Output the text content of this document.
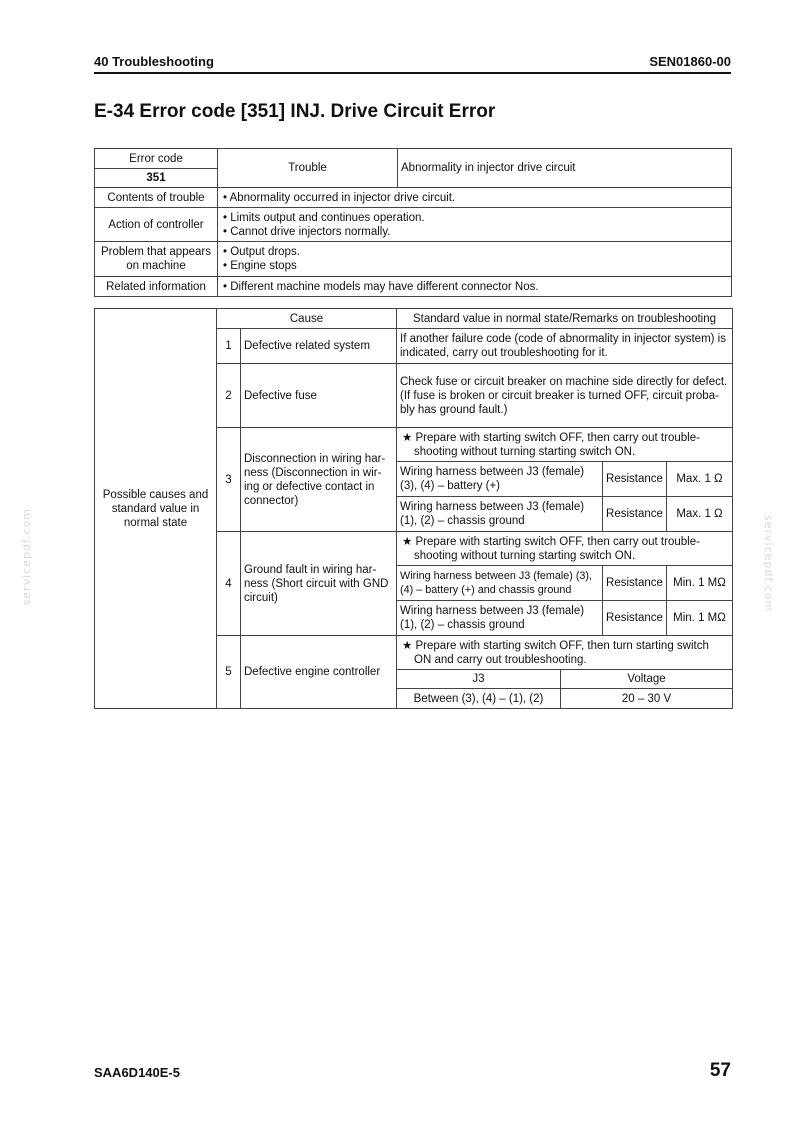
40 Troubleshooting	SEN01860-00
E-34 Error code [351] INJ. Drive Circuit Error
Error code	Trouble	Abnormality in injector drive circuit
351		
Contents of trouble	• Abnormality occurred in injector drive circuit.	

Action of controller	• Limits output and continues operation.
• Cannot drive injectors normally.	

Problem that appears on machine	• Output drops.
• Engine stops	

Related information	• Different machine models may have different connector Nos.	
Possible causes and standard value in normal state	Cause		Standard value in normal state/Remarks on troubleshooting			
	1	Defective related system	If another failure code (code of abnormality in injector system) is indicated, carry out troubleshooting for it.			
	2	Defective fuse	Check fuse or circuit breaker on machine side directly for defect.
(If fuse is broken or circuit breaker is turned OFF, circuit proba-bly has ground fault.)			
	3	Disconnection in wiring har-ness (Disconnection in wir-ing or defective contact in connector)	★ Prepare with starting switch OFF, then carry out trouble-shooting without turning starting switch ON.			

			Wiring harness between J3 (female) (3), (4) – battery (+)		Resistance	Max. 1 Ω
			Wiring harness between J3 (female) (1), (2) – chassis ground		Resistance	Max. 1 Ω
	4	Ground fault in wiring har-ness (Short circuit with GND circuit)	★ Prepare with starting switch OFF, then carry out trouble-shooting without turning starting switch ON.			

			Wiring harness between J3 (female) (3), (4) – battery (+) and chassis ground		Resistance	Min. 1 MΩ
			Wiring harness between J3 (female) (1), (2) – chassis ground		Resistance	Min. 1 MΩ
	5	Defective engine controller	★ Prepare with starting switch OFF, then turn starting switch ON and carry out troubleshooting.			

			J3	Voltage		
			Between (3), (4) – (1), (2)	20 – 30 V		
servicepdf.com	servicepdf.com
SAA6D140E-5	57
